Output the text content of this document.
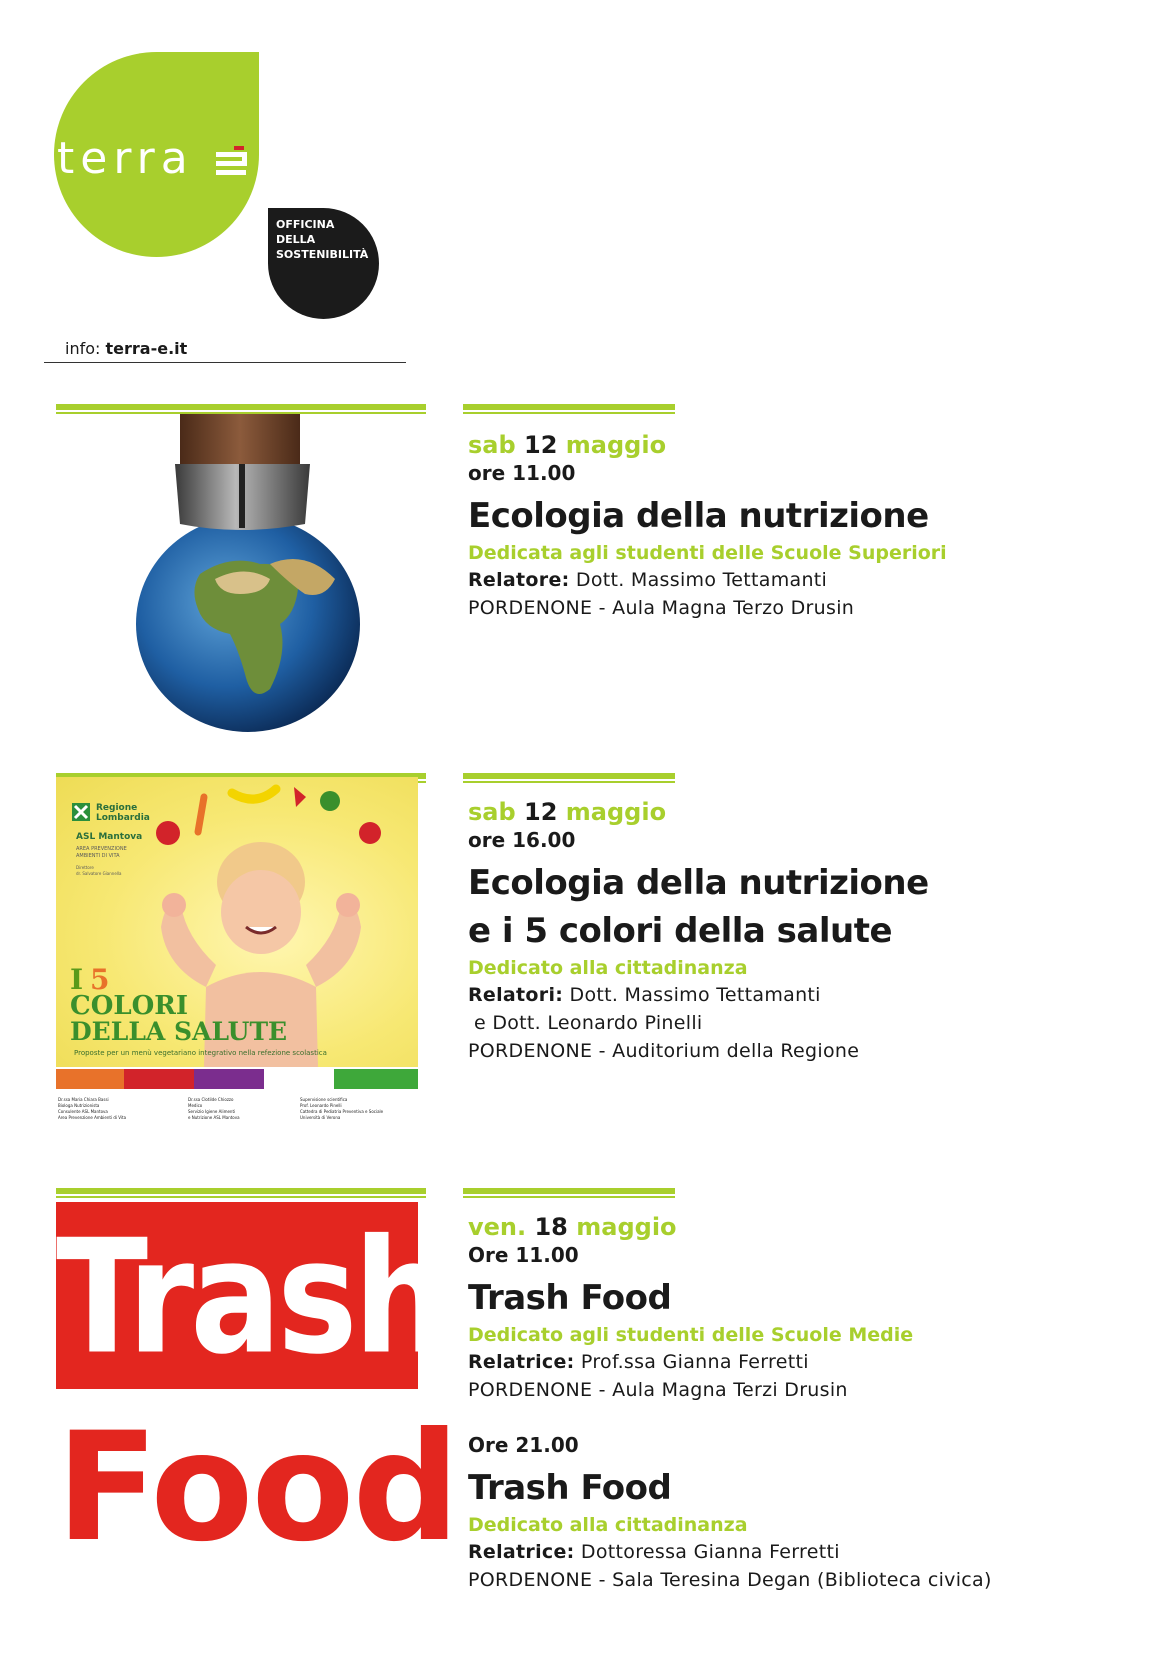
terra
OFFICINA
DELLA
SOSTENIBILITÀ
info: terra-e.it
sab 12 maggio
ore 11.00
Ecologia della nutrizione
Dedicata agli studenti delle Scuole Superiori
Relatore: Dott. Massimo Tettamanti
PORDENONE - Aula Magna Terzo Drusin
Regione
Lombardia
ASL Mantova
AREA PREVENZIONE
AMBIENTI DI VITA
Direttore
dr. Salvatore Giannella
I 5
COLORI
DELLA SALUTE
Proposte per un menù vegetariano integrativo nella refezione scolastica
Dr.ssa Maria Chiara Bassi
Biologa Nutrizionista
Consulente ASL Mantova
Area Prevenzione Ambienti di Vita
Dr.ssa Clotilde Chiozzo
Medico
Servizio Igiene Alimenti
e Nutrizione ASL Mantova
Supervisione scientifica
Prof. Leonardo Pinelli
Cattedra di Pediatria Preventiva e Sociale
Università di Verona
sab 12 maggio
ore 16.00
Ecologia della nutrizione
e i 5 colori della salute
Dedicato alla cittadinanza
Relatori: Dott. Massimo Tettamanti
e Dott. Leonardo Pinelli
PORDENONE - Auditorium della Regione
Trash
Food
ven. 18 maggio
Ore 11.00
Trash Food
Dedicato agli studenti delle Scuole Medie
Relatrice: Prof.ssa Gianna Ferretti
PORDENONE - Aula Magna Terzi Drusin
Ore 21.00
Trash Food
Dedicato alla cittadinanza
Relatrice: Dottoressa Gianna Ferretti
PORDENONE - Sala Teresina Degan (Biblioteca civica)
